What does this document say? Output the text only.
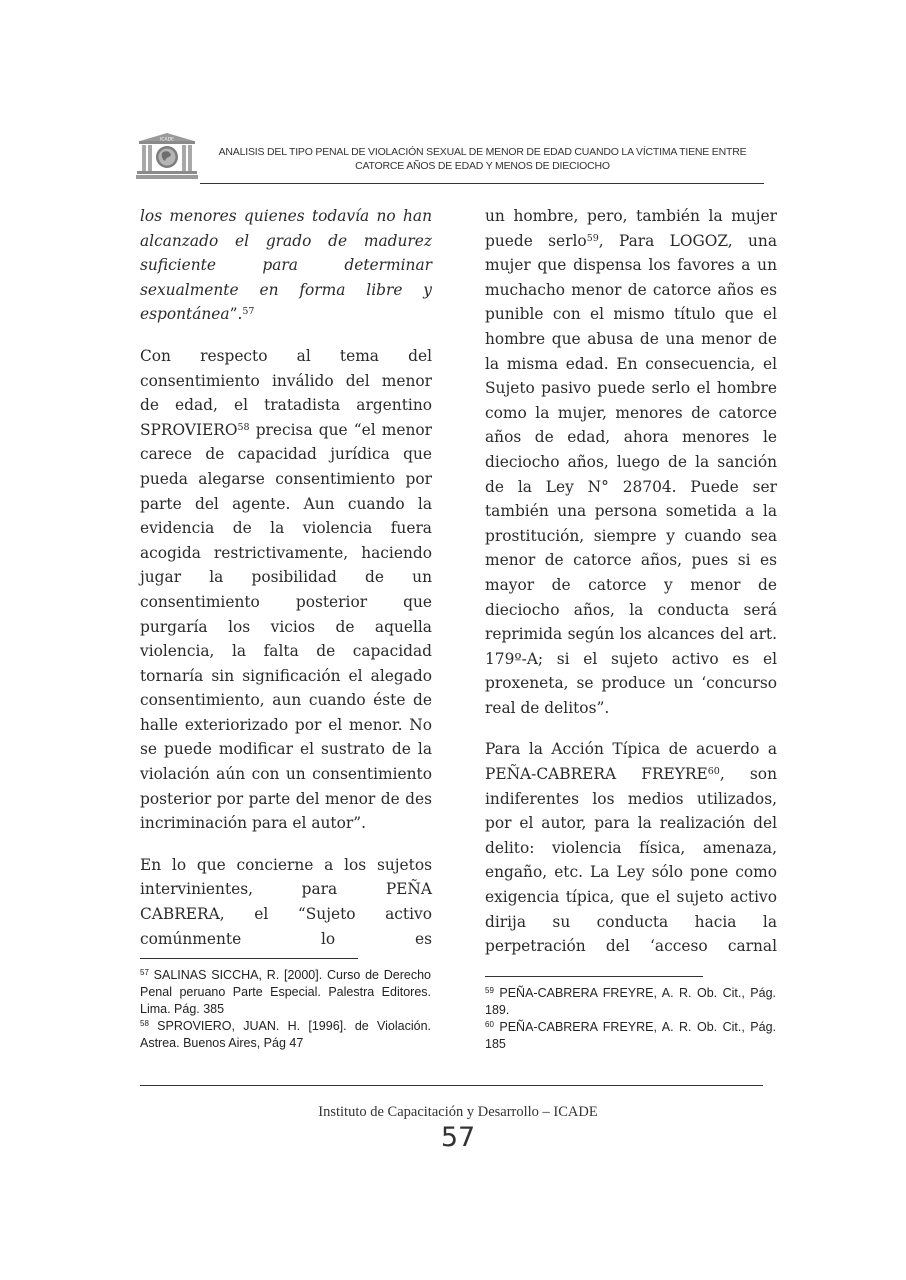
ICADE
ANALISIS DEL TIPO PENAL DE VIOLACIÓN SEXUAL DE MENOR DE EDAD CUANDO LA VÍCTIMA TIENE ENTRE
CATORCE AÑOS DE EDAD Y MENOS DE DIECIOCHO

los menores quienes todavía no han alcanzado el grado de madurez suficiente para determinar sexualmente en forma libre y espontánea”.$^{57}$

Con respecto al tema del consentimiento inválido del menor de edad, el tratadista argentino SPROVIERO$^{58}$ precisa que “el menor carece de capacidad jurídica que pueda alegarse consentimiento por parte del agente. Aun cuando la evidencia de la violencia fuera acogida restrictivamente, haciendo jugar la posibilidad de un consentimiento posterior que purgaría los vicios de aquella violencia, la falta de capacidad tornaría sin significación el alegado consentimiento, aun cuando éste de halle exteriorizado por el menor. No se puede modificar el sustrato de la violación aún con un consentimiento posterior por parte del menor de des incriminación para el autor”.

En lo que concierne a los sujetos intervinientes, para PEÑA CABRERA, el “Sujeto activo comúnmente lo es

un hombre, pero, también la mujer puede serlo$^{59}$, Para LOGOZ, una mujer que dispensa los favores a un muchacho menor de catorce años es punible con el mismo título que el hombre que abusa de una menor de la misma edad. En consecuencia, el Sujeto pasivo puede serlo el hombre como la mujer, menores de catorce años de edad, ahora menores le dieciocho años, luego de la sanción de la Ley N° 28704. Puede ser también una persona sometida a la prostitución, siempre y cuando sea menor de catorce años, pues si es mayor de catorce y menor de dieciocho años, la conducta será reprimida según los alcances del art. 179º-A; si el sujeto activo es el proxeneta, se produce un ‘concurso real de delitos”.

Para la Acción Típica de acuerdo a PEÑA-CABRERA FREYRE$^{60}$, son indiferentes los medios utilizados, por el autor, para la realización del delito: violencia física, amenaza, engaño, etc. La Ley sólo pone como exigencia típica, que el sujeto activo dirija su conducta hacia la perpetración del ‘acceso carnal

$^{57}$ SALINAS SICCHA, R. [2000]. Curso de Derecho Penal peruano Parte Especial. Palestra Editores. Lima. Pág. 385
$^{58}$ SPROVIERO, JUAN. H. [1996]. de Violación. Astrea. Buenos Aires, Pág 47
$^{59}$ PEÑA-CABRERA FREYRE, A. R. Ob. Cit., Pág. 189.
$^{60}$ PEÑA-CABRERA FREYRE, A. R. Ob. Cit., Pág. 185
Instituto de Capacitación y Desarrollo – ICADE
57
